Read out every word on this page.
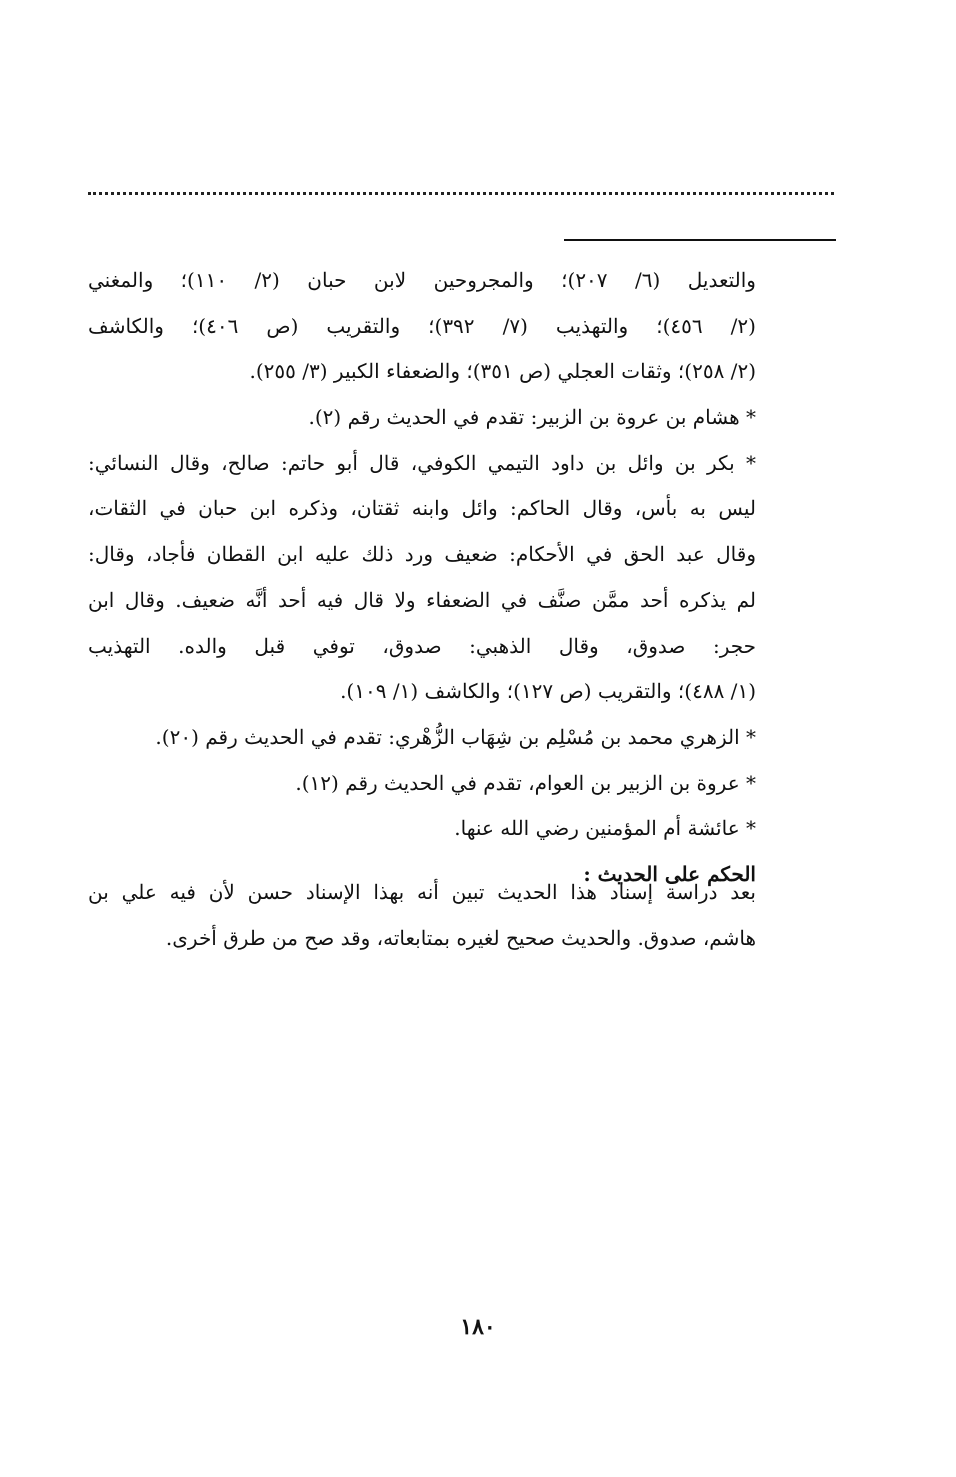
والتعديل (٦/ ٢٠٧)؛ والمجروحين لابن حبان (٢/ ١١٠)؛ والمغني
(٢/ ٤٥٦)؛ والتهذيب (٧/ ٣٩٢)؛ والتقريب (ص ٤٠٦)؛ والكاشف
(٢/ ٢٥٨)؛ وثقات العجلي (ص ٣٥١)؛ والضعفاء الكبير (٣/ ٢٥٥).
* هشام بن عروة بن الزبير: تقدم في الحديث رقم (٢).
* بكر بن وائل بن داود التيمي الكوفي، قال أبو حاتم: صالح، وقال النسائي:
ليس به بأس، وقال الحاكم: وائل وابنه ثقتان، وذكره ابن حبان في الثقات،
وقال عبد الحق في الأحكام: ضعيف ورد ذلك عليه ابن القطان فأجاد، وقال:
لم يذكره أحد ممَّن صنَّف في الضعفاء ولا قال فيه أحد أنَّه ضعيف. وقال ابن
حجر: صدوق، وقال الذهبي: صدوق، توفي قبل والده. التهذيب
(١/ ٤٨٨)؛ والتقريب (ص ١٢٧)؛ والكاشف (١/ ١٠٩).
* الزهري محمد بن مُسْلِم بن شِهَاب الزُّهْري: تقدم في الحديث رقم (٢٠).
* عروة بن الزبير بن العوام، تقدم في الحديث رقم (١٢).
* عائشة أم المؤمنين رضي الله عنها.
الحكم على الحديث :
بعد دراسة إسناد هذا الحديث تبين أنه بهذا الإسناد حسن لأن فيه علي بن
هاشم، صدوق. والحديث صحيح لغيره بمتابعاته، وقد صح من طرق أخرى.
١٨٠
